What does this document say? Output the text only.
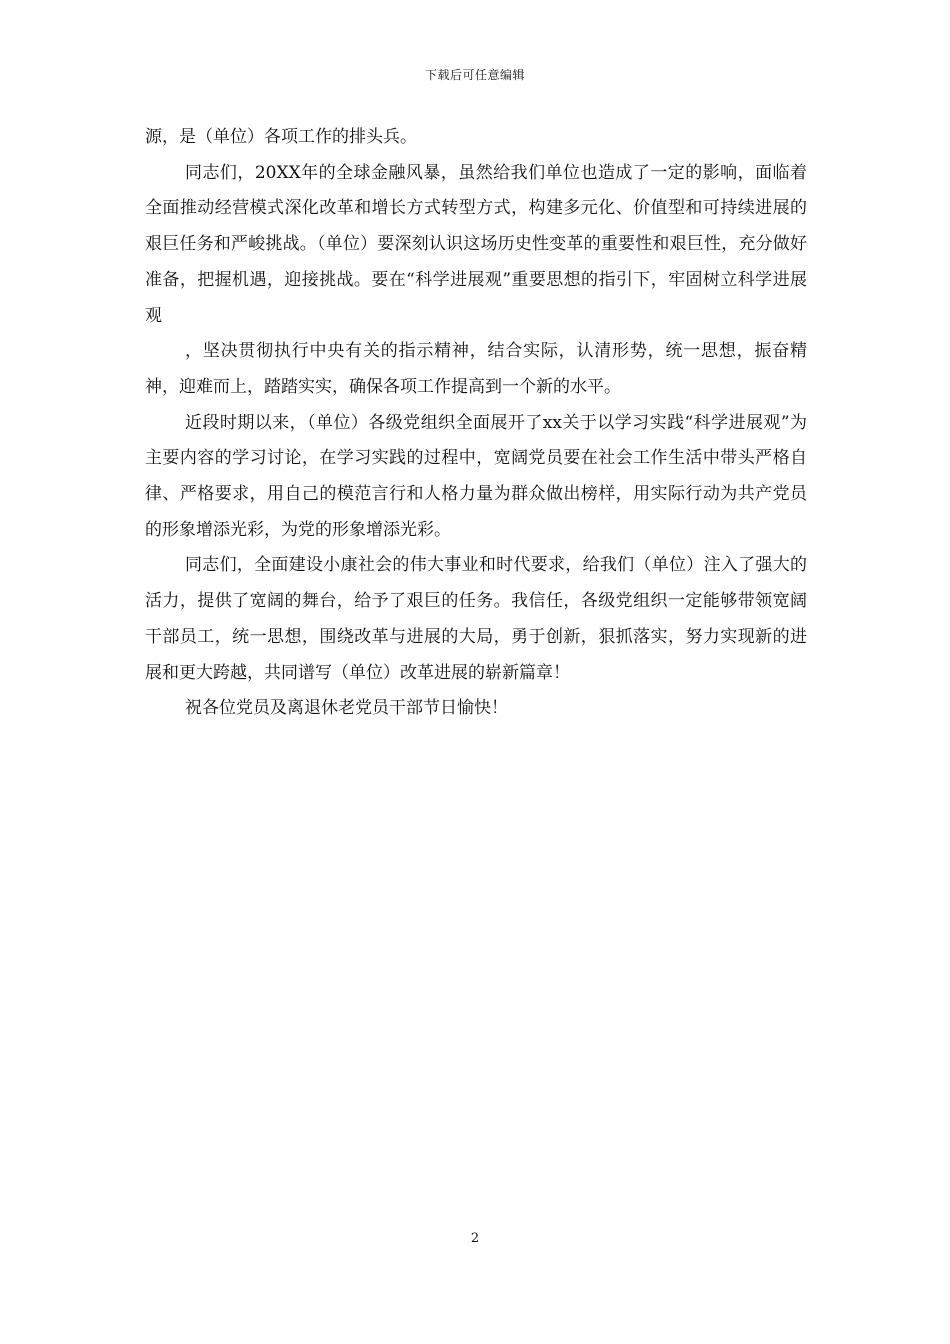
下载后可任意编辑

源，是（单位）各项工作的排头兵。

同志们，20XX年的全球金融风暴，虽然给我们单位也造成了一定的影响，面临着全面推动经营模式深化改革和增长方式转型方式，构建多元化、价值型和可持续进展的艰巨任务和严峻挑战。（单位）要深刻认识这场历史性变革的重要性和艰巨性，充分做好准备，把握机遇，迎接挑战。要在“科学进展观”重要思想的指引下，牢固树立科学进展观

，坚决贯彻执行中央有关的指示精神，结合实际，认清形势，统一思想，振奋精神，迎难而上，踏踏实实，确保各项工作提高到一个新的水平。

近段时期以来，（单位）各级党组织全面展开了xx关于以学习实践“科学进展观”为主要内容的学习讨论，在学习实践的过程中，宽阔党员要在社会工作生活中带头严格自律、严格要求，用自己的模范言行和人格力量为群众做出榜样，用实际行动为共产党员的形象增添光彩，为党的形象增添光彩。

同志们，全面建设小康社会的伟大事业和时代要求，给我们（单位）注入了强大的活力，提供了宽阔的舞台，给予了艰巨的任务。我信任，各级党组织一定能够带领宽阔干部员工，统一思想，围绕改革与进展的大局，勇于创新，狠抓落实，努力实现新的进展和更大跨越，共同谱写（单位）改革进展的崭新篇章！

祝各位党员及离退休老党员干部节日愉快！

2
